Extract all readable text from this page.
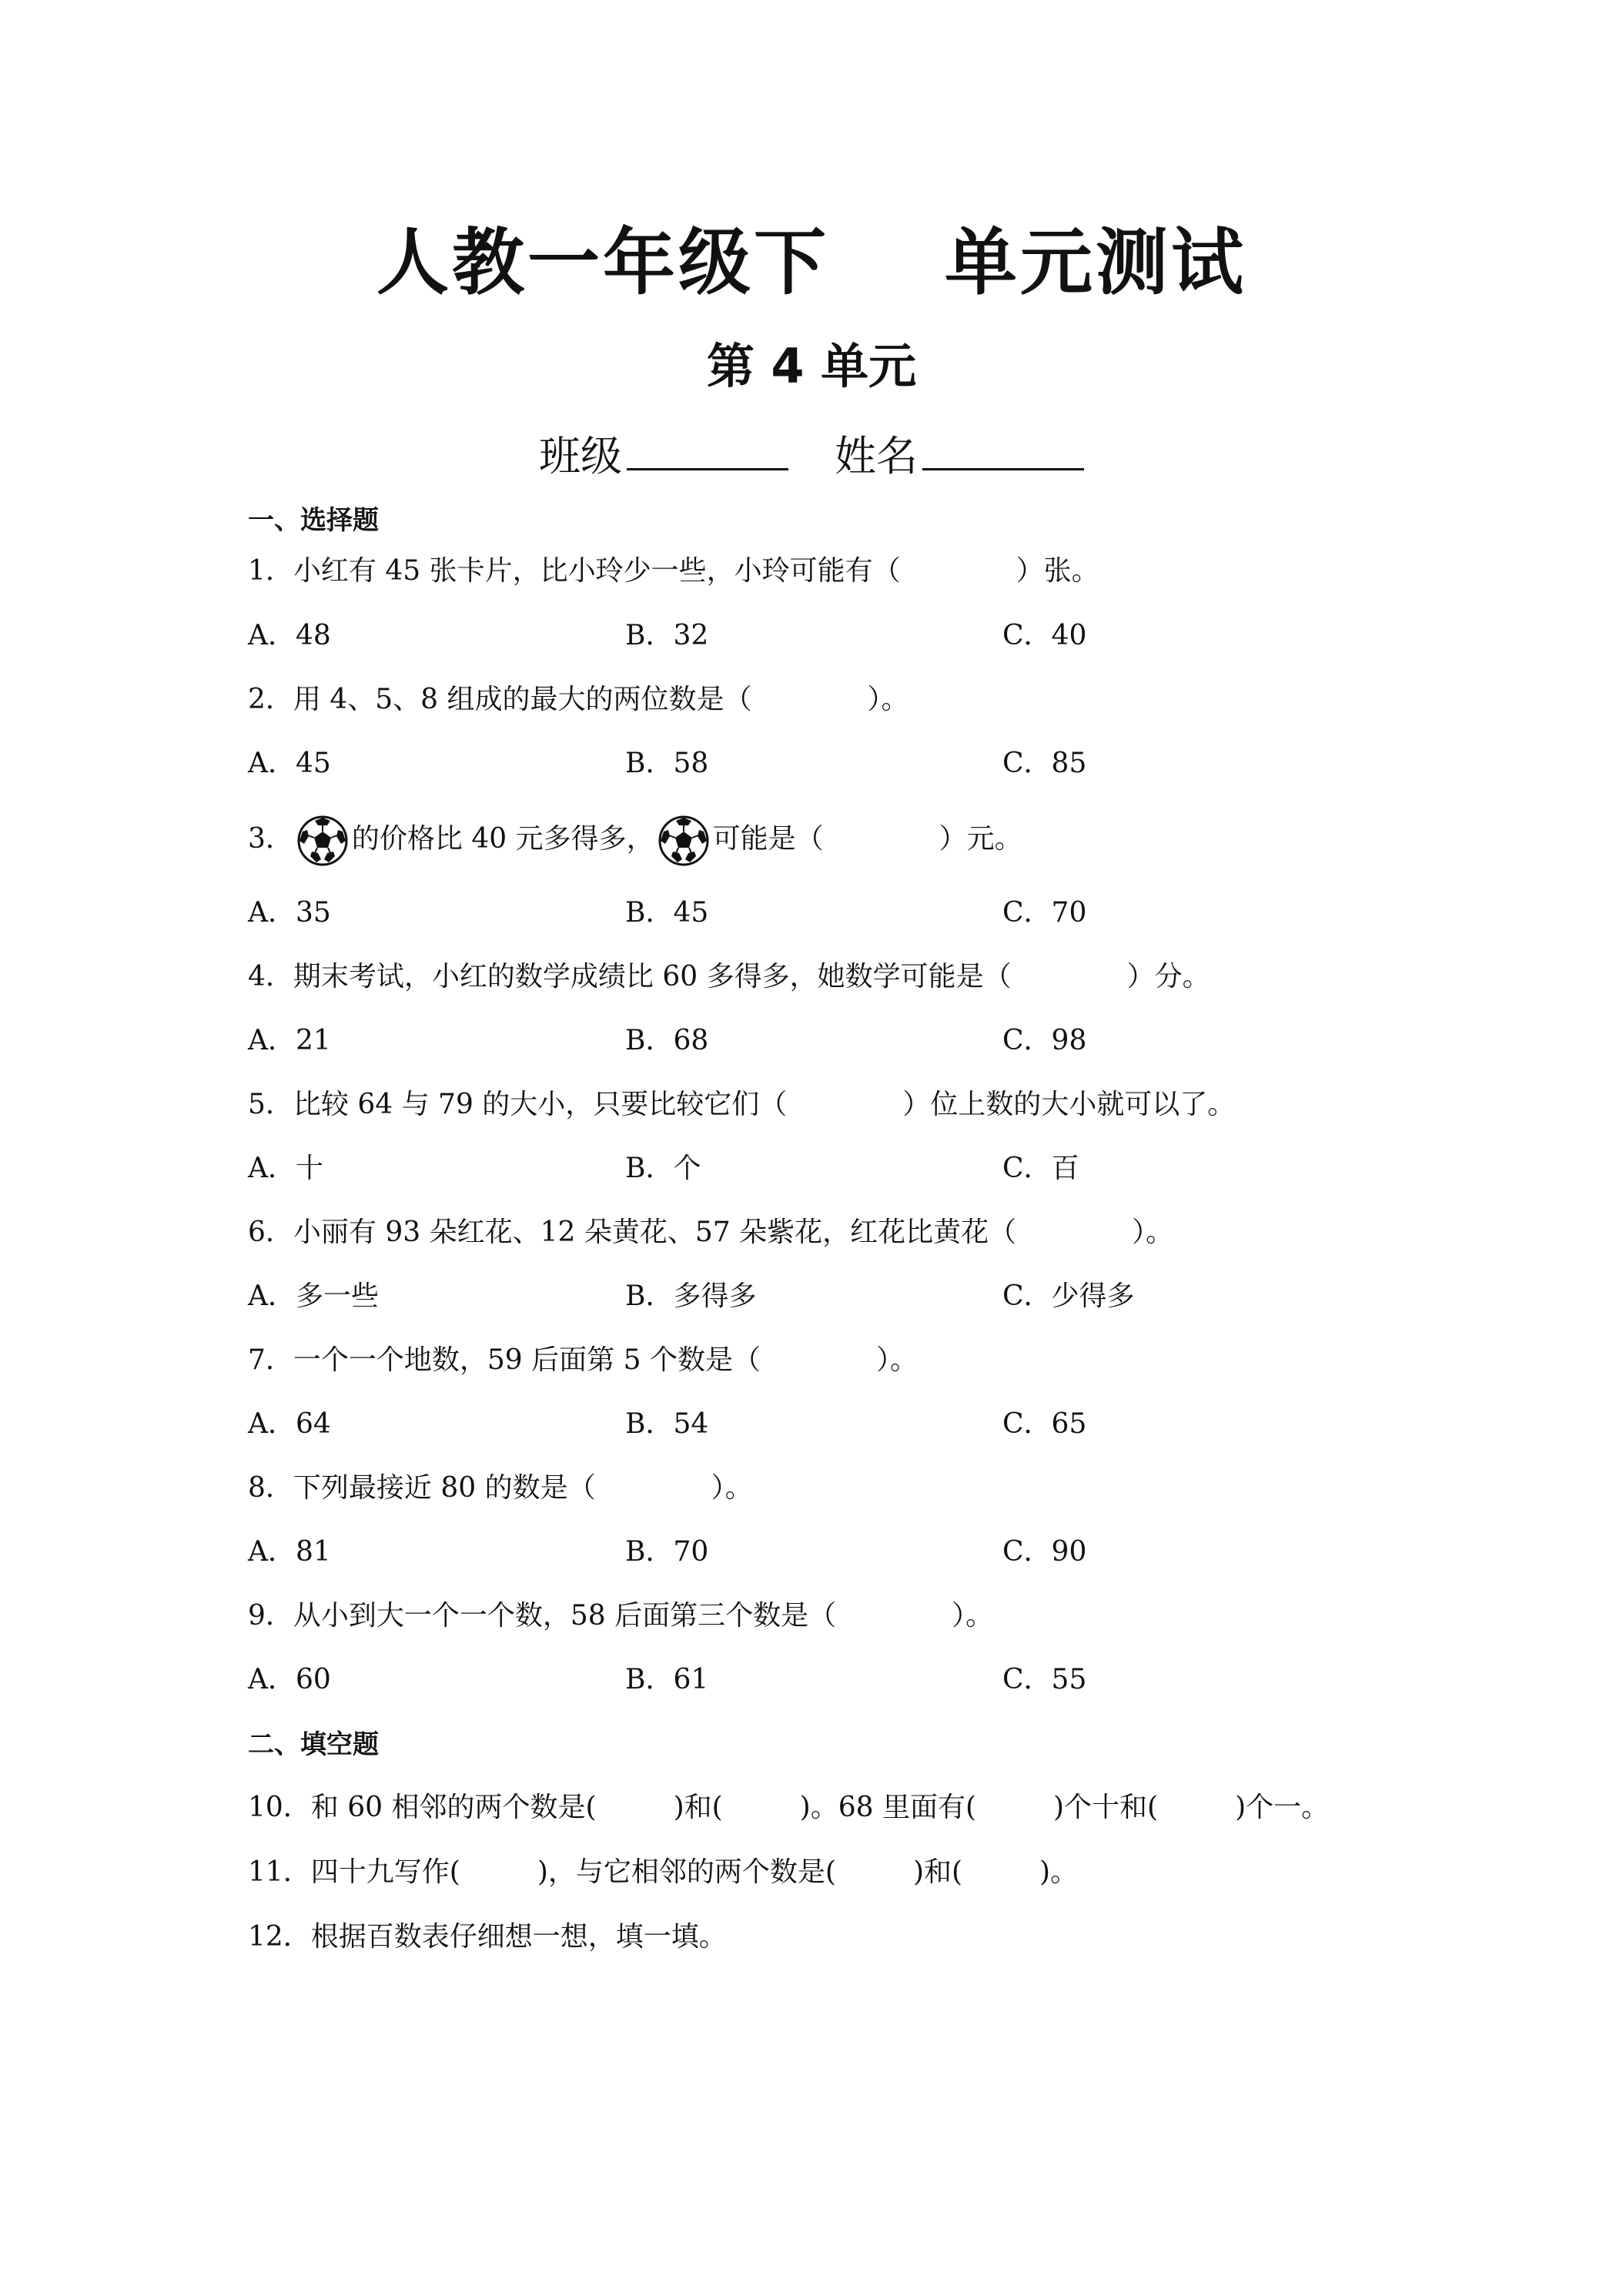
人教一年级下 单元测试
第 4 单元
班级	姓名
一、选择题
1．小红有 45 张卡片，比小玲少一些，小玲可能有（	）张。
A．48	B．32	C．40
2．用 4、5、8 组成的最大的两位数是（	）。
A．45	B．58	C．85
3． 的价格比 40 元多得多， 可能是（	）元。
A．35	B．45	C．70
4．期末考试，小红的数学成绩比 60 多得多，她数学可能是（	）分。
A．21	B．68	C．98
5．比较 64 与 79 的大小，只要比较它们（	）位上数的大小就可以了。
A．十	B．个	C．百
6．小丽有 93 朵红花、12 朵黄花、57 朵紫花，红花比黄花（	）。
A．多一些	B．多得多	C．少得多
7．一个一个地数，59 后面第 5 个数是（	）。
A．64	B．54	C．65
8．下列最接近 80 的数是（	）。
A．81	B．70	C．90
9．从小到大一个一个数，58 后面第三个数是（	）。
A．60	B．61	C．55
二、填空题
10．和 60 相邻的两个数是(	)和(	)。68 里面有(	)个十和(	)个一。
11．四十九写作(	)，与它相邻的两个数是(	)和(	)。
12．根据百数表仔细想一想，填一填。
